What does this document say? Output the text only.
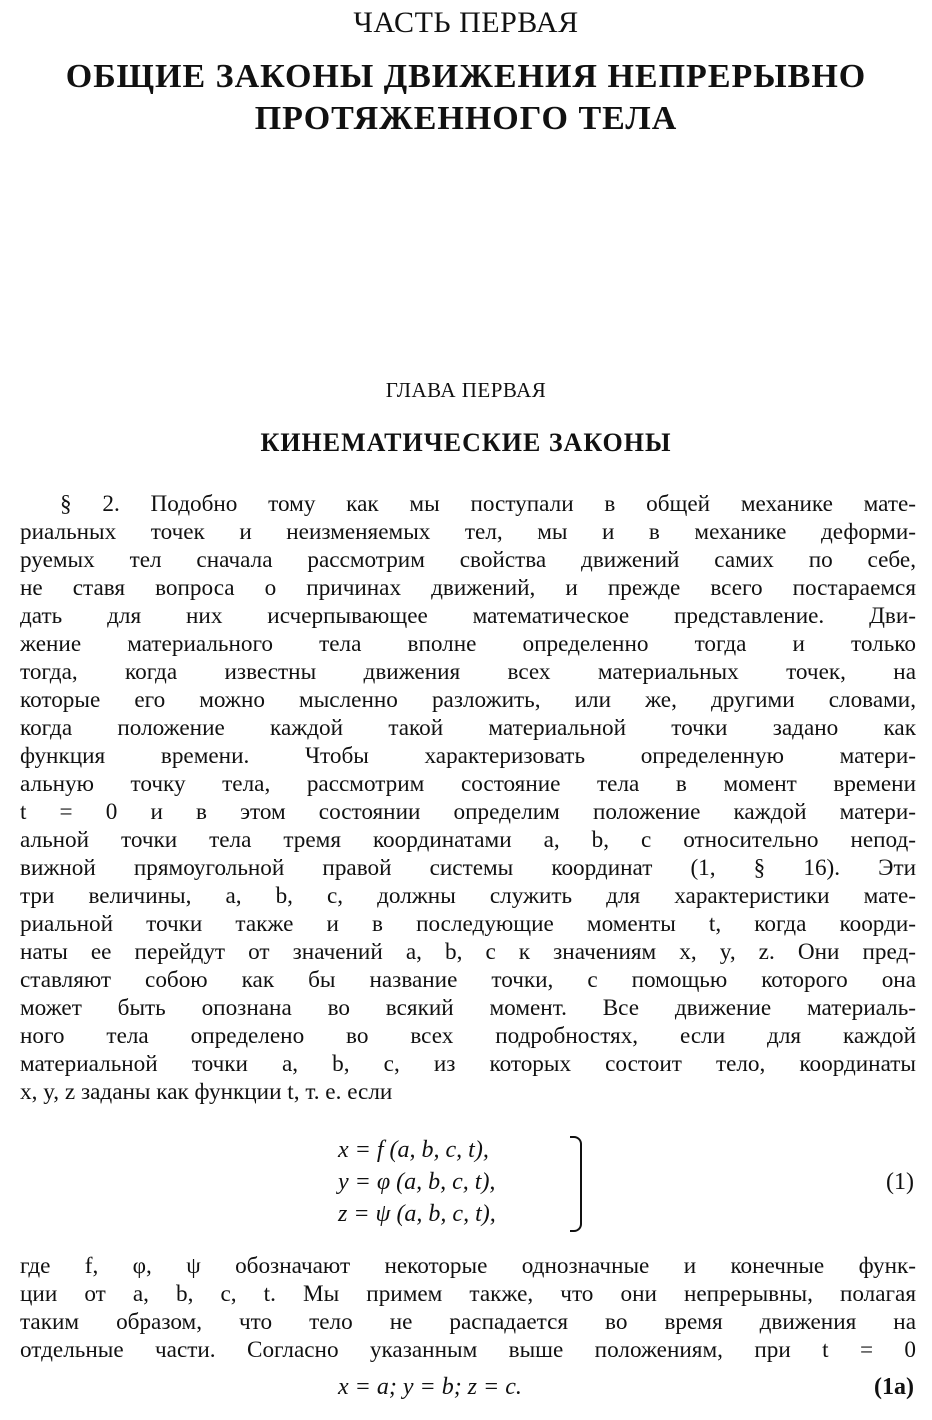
ЧАСТЬ ПЕРВАЯ
ОБЩИЕ ЗАКОНЫ ДВИЖЕНИЯ НЕПРЕРЫВНО
ПРОТЯЖЕННОГО ТЕЛА
ГЛАВА ПЕРВАЯ
КИНЕМАТИЧЕСКИЕ ЗАКОНЫ
§ 2. Подобно тому как мы поступали в общей механике мате-
риальных точек и неизменяемых тел, мы и в механике деформи-
руемых тел сначала рассмотрим свойства движений самих по себе,
не ставя вопроса о причинах движений, и прежде всего постараемся
дать для них исчерпывающее математическое представление. Дви-
жение материального тела вполне определенно тогда и только
тогда, когда известны движения всех материальных точек, на
которые его можно мысленно разложить, или же, другими словами,
когда положение каждой такой материальной точки задано как
функция времени. Чтобы характеризовать определенную матери-
альную точку тела, рассмотрим состояние тела в момент времени
t = 0 и в этом состоянии определим положение каждой матери-
альной точки тела тремя координатами a, b, c относительно непод-
вижной прямоугольной правой системы координат (1, § 16). Эти
три величины, a, b, c, должны служить для характеристики мате-
риальной точки также и в последующие моменты t, когда коорди-
наты ее перейдут от значений a, b, c к значениям x, y, z. Они пред-
ставляют собою как бы название точки, с помощью которого она
может быть опознана во всякий момент. Все движение материаль-
ного тела определено во всех подробностях, если для каждой
материальной точки a, b, c, из которых состоит тело, координаты
x, y, z заданы как функции t, т. е. если
x = f (a, b, c, t),
y = φ (a, b, c, t),
z = ψ (a, b, c, t),
(1)
где f, φ, ψ обозначают некоторые однозначные и конечные функ-
ции от a, b, c, t. Мы примем также, что они непрерывны, полагая
таким образом, что тело не распадается во время движения на
отдельные части. Согласно указанным выше положениям, при t = 0
x = a; y = b; z = c.	(1a)
